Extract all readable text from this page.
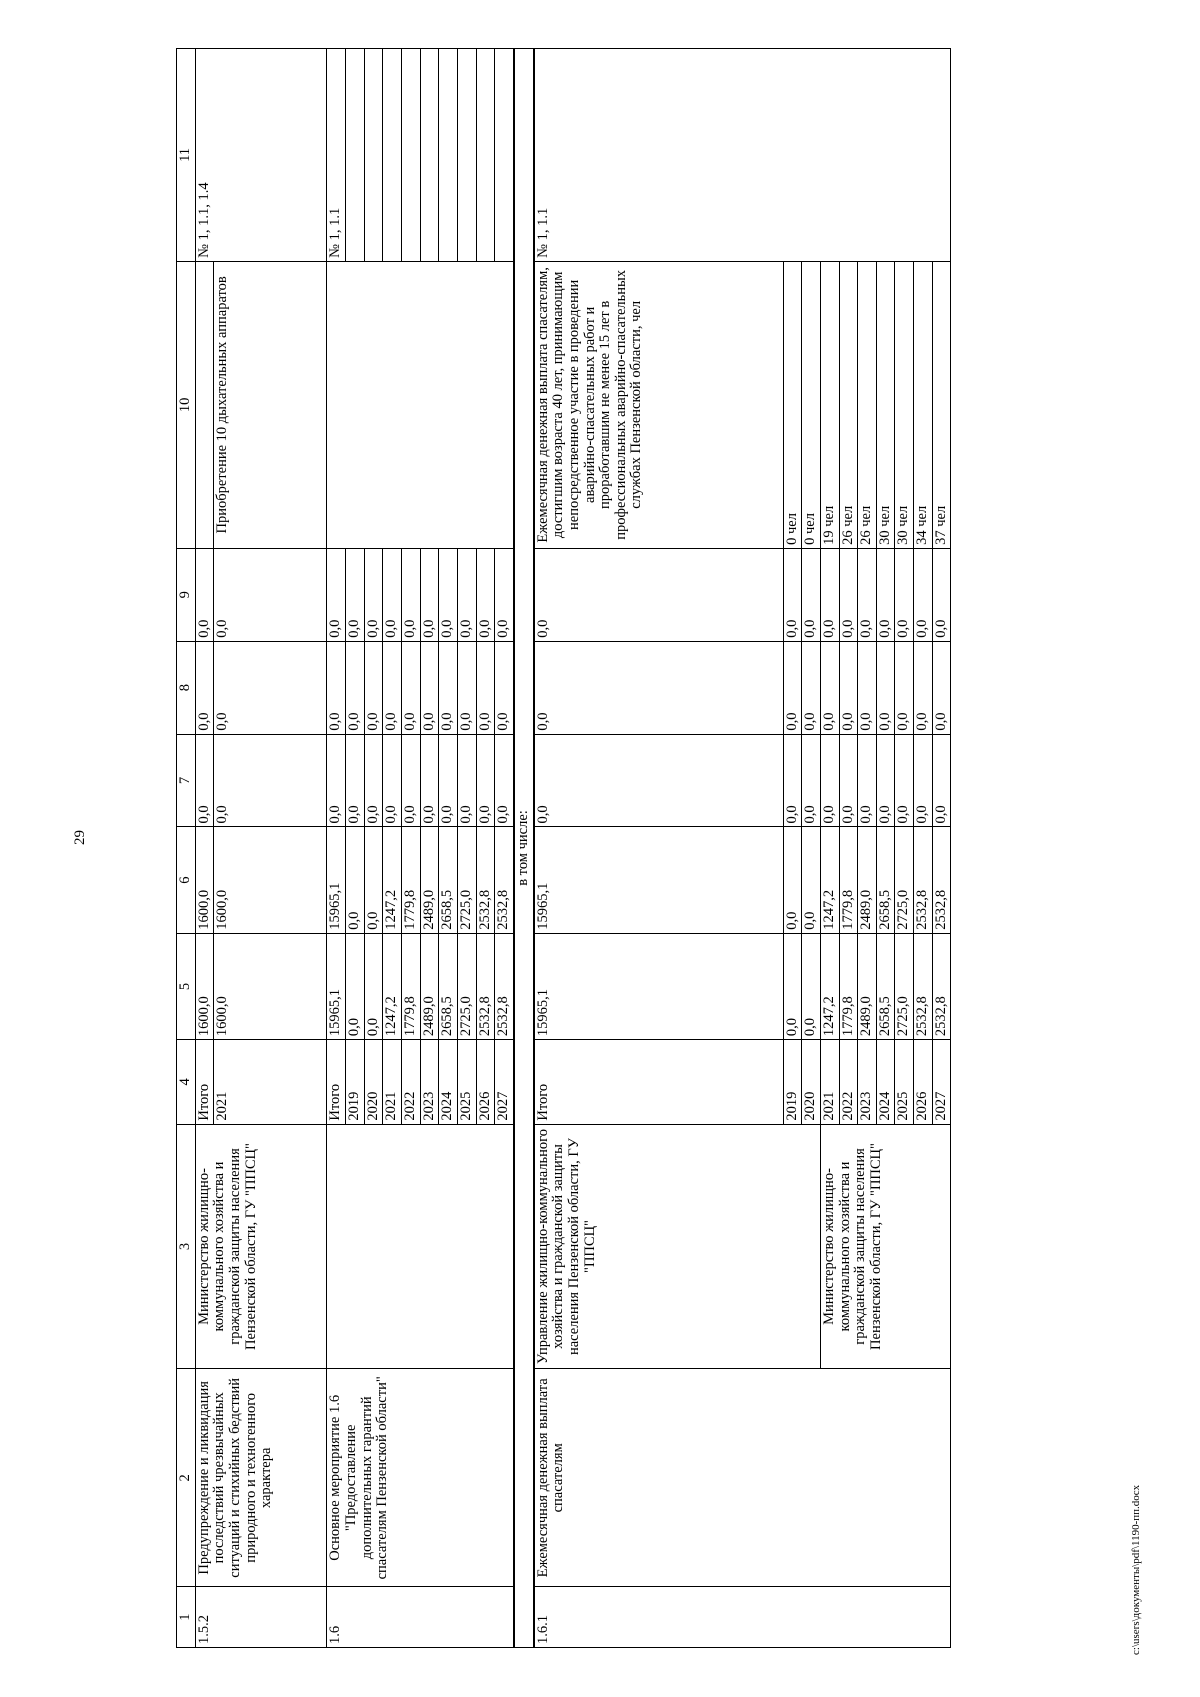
29
c:\users\документы\pdf\1190-пп.docx
1	2	3	4	5	6	7	8	9	10	11
1.5.2	Предупреждение и ликвидация последствий чрезвычайных ситуаций и стихийных бедствий природного и техногенного характера	Министерство жилищно-коммунального хозяйства и гражданской защиты населения Пензенской области, ГУ "ППСЦ"	Итого	1600,0	1600,0	0,0	0,0	0,0		№ 1, 1.1, 1.4
			2021	1600,0	1600,0	0,0	0,0	0,0	Приобретение 10 дыхательных аппаратов	
1.6	Основное мероприятие 1.6 "Предоставление дополнительных гарантий спасателям Пензенской области"		Итого	15965,1	15965,1	0,0	0,0	0,0		№ 1, 1.1
			2019	0,0	0,0	0,0	0,0	0,0		
			2020	0,0	0,0	0,0	0,0	0,0		
			2021	1247,2	1247,2	0,0	0,0	0,0		
			2022	1779,8	1779,8	0,0	0,0	0,0		
			2023	2489,0	2489,0	0,0	0,0	0,0		
			2024	2658,5	2658,5	0,0	0,0	0,0		
			2025	2725,0	2725,0	0,0	0,0	0,0		
			2026	2532,8	2532,8	0,0	0,0	0,0		
			2027	2532,8	2532,8	0,0	0,0	0,0		
в том числе:										
1.6.1	Ежемесячная денежная выплата спасателям	Управление жилищно-коммунального хозяйства и гражданской защиты населения Пензенской области, ГУ "ППСЦ"	Итого	15965,1	15965,1	0,0	0,0	0,0	Ежемесячная денежная выплата спасателям, достигшим возраста 40 лет, принимающим непосредственное участие в проведении аварийно-спасательных работ и проработавшим не менее 15 лет в профессиональных аварийно-спасательных службах Пензенской области, чел	№ 1, 1.1
			2019	0,0	0,0	0,0	0,0	0,0	0 чел	
			2020	0,0	0,0	0,0	0,0	0,0	0 чел	
		Министерство жилищно-коммунального хозяйства и гражданской защиты населения Пензенской области, ГУ "ППСЦ"	2021	1247,2	1247,2	0,0	0,0	0,0	19 чел	
			2022	1779,8	1779,8	0,0	0,0	0,0	26 чел	
			2023	2489,0	2489,0	0,0	0,0	0,0	26 чел	
			2024	2658,5	2658,5	0,0	0,0	0,0	30 чел	
			2025	2725,0	2725,0	0,0	0,0	0,0	30 чел	
			2026	2532,8	2532,8	0,0	0,0	0,0	34 чел	
			2027	2532,8	2532,8	0,0	0,0	0,0	37 чел	
